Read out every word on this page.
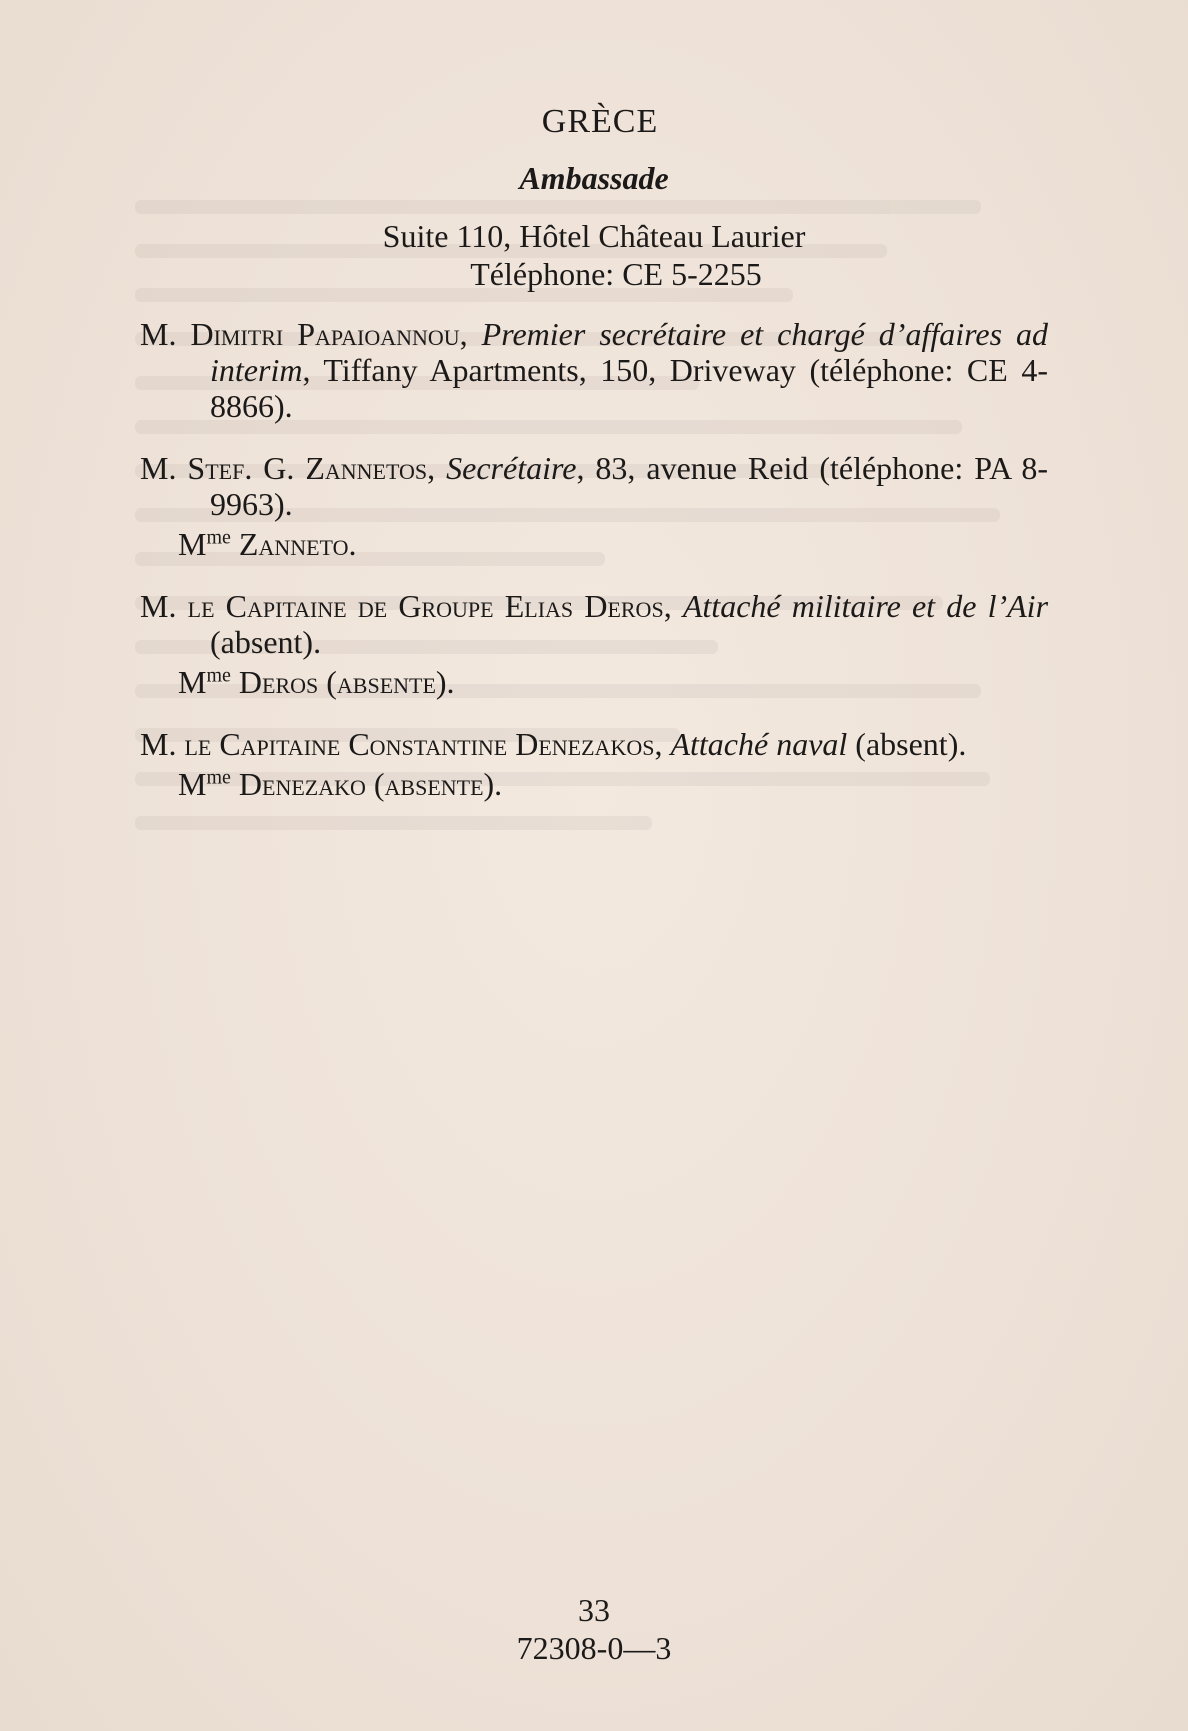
GRÈCE
Ambassade
Suite 110, Hôtel Château Laurier
Téléphone: CE 5-2255
M. Dimitri Papaioannou, Premier secrétaire et chargé d’affaires ad interim, Tiffany Apartments, 150, Driveway (téléphone: CE 4-8866).
M. Stef. G. Zannetos, Secrétaire, 83, avenue Reid (téléphone: PA 8-9963).
$M^{me}$ Zanneto.
M. le Capitaine de Groupe Elias Deros, Attaché militaire et de l’Air (absent).
$M^{me}$ Deros (absente).
M. le Capitaine Constantine Denezakos, Attaché naval (absent).
$M^{me}$ Denezako (absente).
33
72308-0—3
